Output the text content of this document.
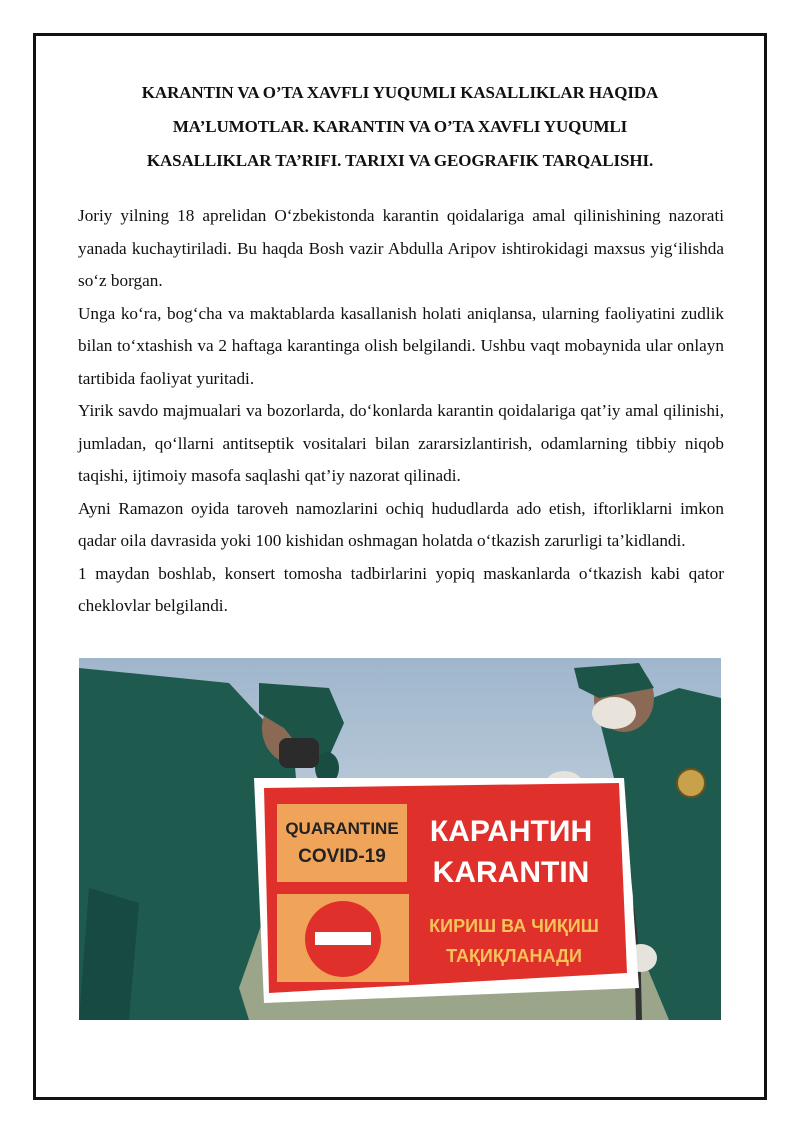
KARANTIN VA O’TA XAVFLI YUQUMLI KASALLIKLAR HAQIDA
MA’LUMOTLAR. KARANTIN VA O’TA XAVFLI YUQUMLI
KASALLIKLAR TA’RIFI. TARIXI VA GEOGRAFIK TARQALISHI.

Joriy yilning 18 aprelidan O‘zbekistonda karantin qoidalariga amal qilinishining nazorati yanada kuchaytiriladi. Bu haqda Bosh vazir Abdulla Aripov ishtirokidagi maxsus yig‘ilishda so‘z borgan.

Unga ko‘ra, bog‘cha va maktablarda kasallanish holati aniqlansa, ularning faoliyatini zudlik bilan to‘xtashish va 2 haftaga karantinga olish belgilandi. Ushbu vaqt mobaynida ular onlayn tartibida faoliyat yuritadi.

Yirik savdo majmualari va bozorlarda, do‘konlarda karantin qoidalariga qat’iy amal qilinishi, jumladan, qo‘llarni antitseptik vositalari bilan zararsizlantirish, odamlarning tibbiy niqob taqishi, ijtimoiy masofa saqlashi qat’iy nazorat qilinadi.

Ayni Ramazon oyida taroveh namozlarini ochiq hududlarda ado etish, iftorliklarni imkon qadar oila davrasida yoki 100 kishidan oshmagan holatda o‘tkazish zarurligi ta’kidlandi.

1 maydan boshlab, konsert tomosha tadbirlarini yopiq maskanlarda o‘tkazish kabi qator cheklovlar belgilandi.

QUARANTINE
COVID-19
КАРАНТИН
KARANTIN
КИРИШ ВА ЧИҚИШ
ТАҚИҚЛАНАДИ
